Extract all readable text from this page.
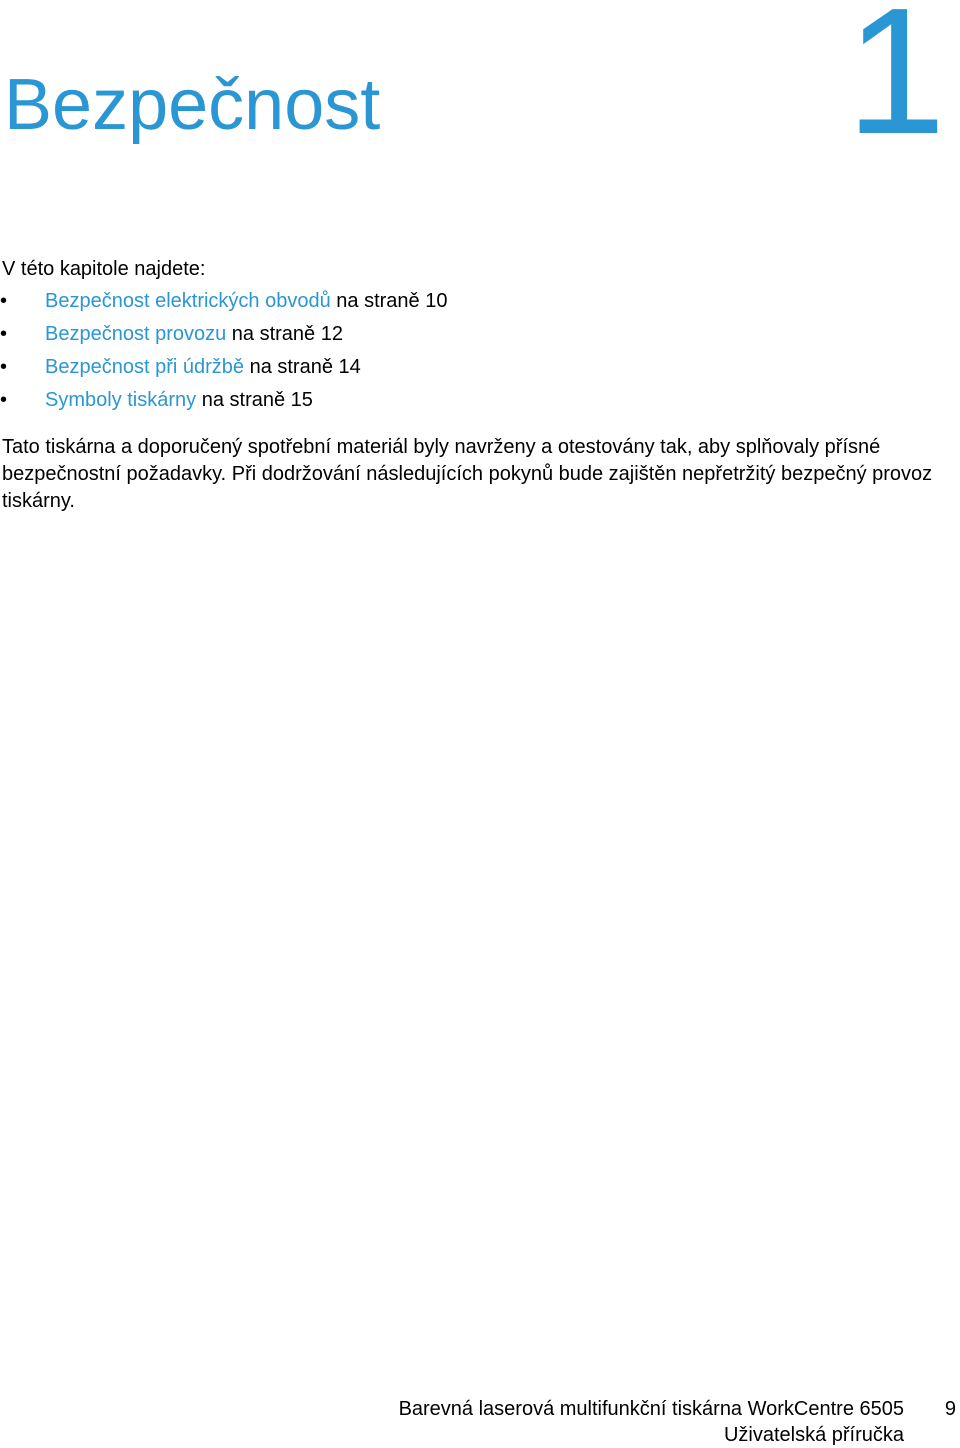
Bezpečnost	1
V této kapitole najdete:
• Bezpečnost elektrických obvodů na straně 10
• Bezpečnost provozu na straně 12
• Bezpečnost při údržbě na straně 14
• Symboly tiskárny na straně 15

Tato tiskárna a doporučený spotřební materiál byly navrženy a otestovány tak, aby splňovaly přísné bezpečnostní požadavky. Při dodržování následujících pokynů bude zajištěn nepřetržitý bezpečný provoz tiskárny.

Barevná laserová multifunkční tiskárna WorkCentre 6505
Uživatelská příručka
9
